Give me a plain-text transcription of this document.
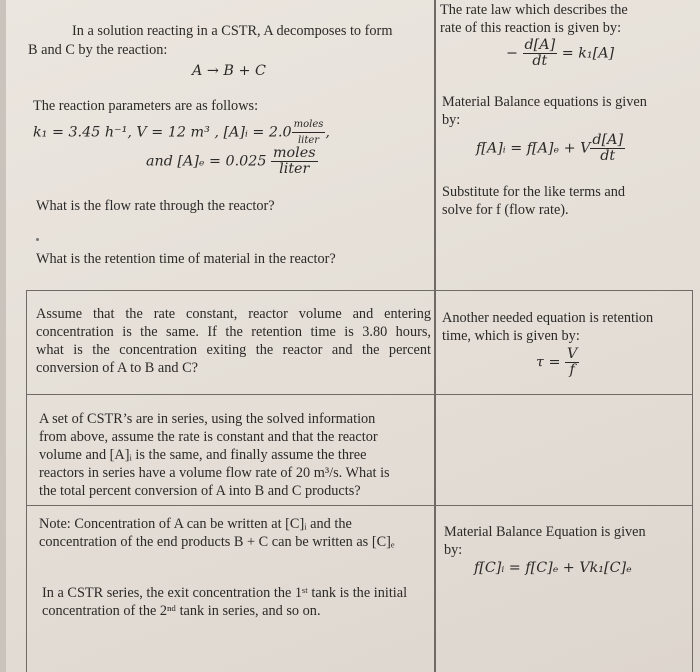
In a solution reacting in a CSTR, A decomposes to form
B and C by the reaction:
A → B + C
The reaction parameters are as follows:
k₁ = 3.45 h⁻¹, V = 12 m³ , [A]ᵢ = $2.0 \frac{\text{moles}}{\text{liter}}$ ,
and $[A]_e = 0.025 \frac{\text{moles}}{\text{liter}}$
What is the flow rate through the reactor?
What is the retention time of material in the reactor?
Assume that the rate constant, reactor volume and entering
concentration is the same. If the retention time is 3.80 hours,
what is the concentration exiting the reactor and the percent
conversion of A to B and C?
A set of CSTR’s are in series, using the solved information
from above, assume the rate is constant and that the reactor
volume and [A]ᵢ is the same, and finally assume the three
reactors in series have a volume flow rate of 20 m³/s. What is
the total percent conversion of A into B and C products?
Note: Concentration of A can be written at [C]ᵢ and the
concentration of the end products B + C can be written as [C]ₑ
In a CSTR series, the exit concentration the 1ˢᵗ tank is the initial
concentration of the 2ⁿᵈ tank in series, and so on.
The rate law which describes the
rate of this reaction is given by:
− $\frac{d[A]}{dt} = k_1[A]$
Material Balance equations is given
by:
f[A]ᵢ = f[A]ₑ + V $\frac{d[A]}{dt}$
Substitute for the like terms and
solve for f (flow rate).
Another needed equation is retention
time, which is given by:
$\tau = \frac{V}{f}$
Material Balance Equation is given
by:
f[C]ᵢ = f[C]ₑ + Vk₁[C]ₑ
